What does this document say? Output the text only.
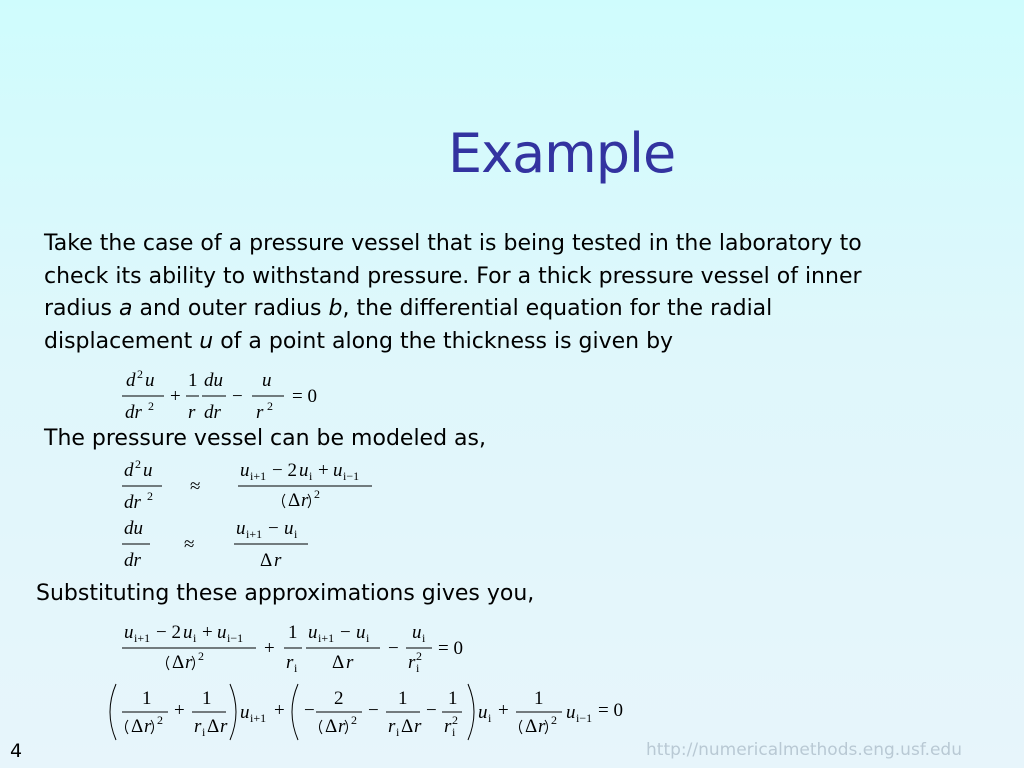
Example
Take the case of a pressure vessel that is being tested in the laboratory to
check its ability to withstand pressure. For a thick pressure vessel of inner
radius a and outer radius b, the differential equation for the radial
displacement u of a point along the thickness is given by
d 2 u
dr 2 +
1
r
du
dr
−
u
r 2 = 0
The pressure vessel can be modeled as,
d 2 u
dr 2 ≈
u i+1 − 2 u i + u i−1
Δ r 2
du
dr
≈
u i+1 − u i
Δ r
Substituting these approximations gives you,
u i+1 − 2 u i + u i−1
Δ r 2	+
1
r i
u i+1 − u i
Δ r
−
u i
r i
2 = 0
1
Δ r 2 +
1
r i Δ r
u i+1 + −
2
Δ r 2 −
1
r i Δ r
−
1
r i
2 u i +
1
Δ r 2 u i−1 = 0
4	http://numericalmethods.eng.usf.edu
